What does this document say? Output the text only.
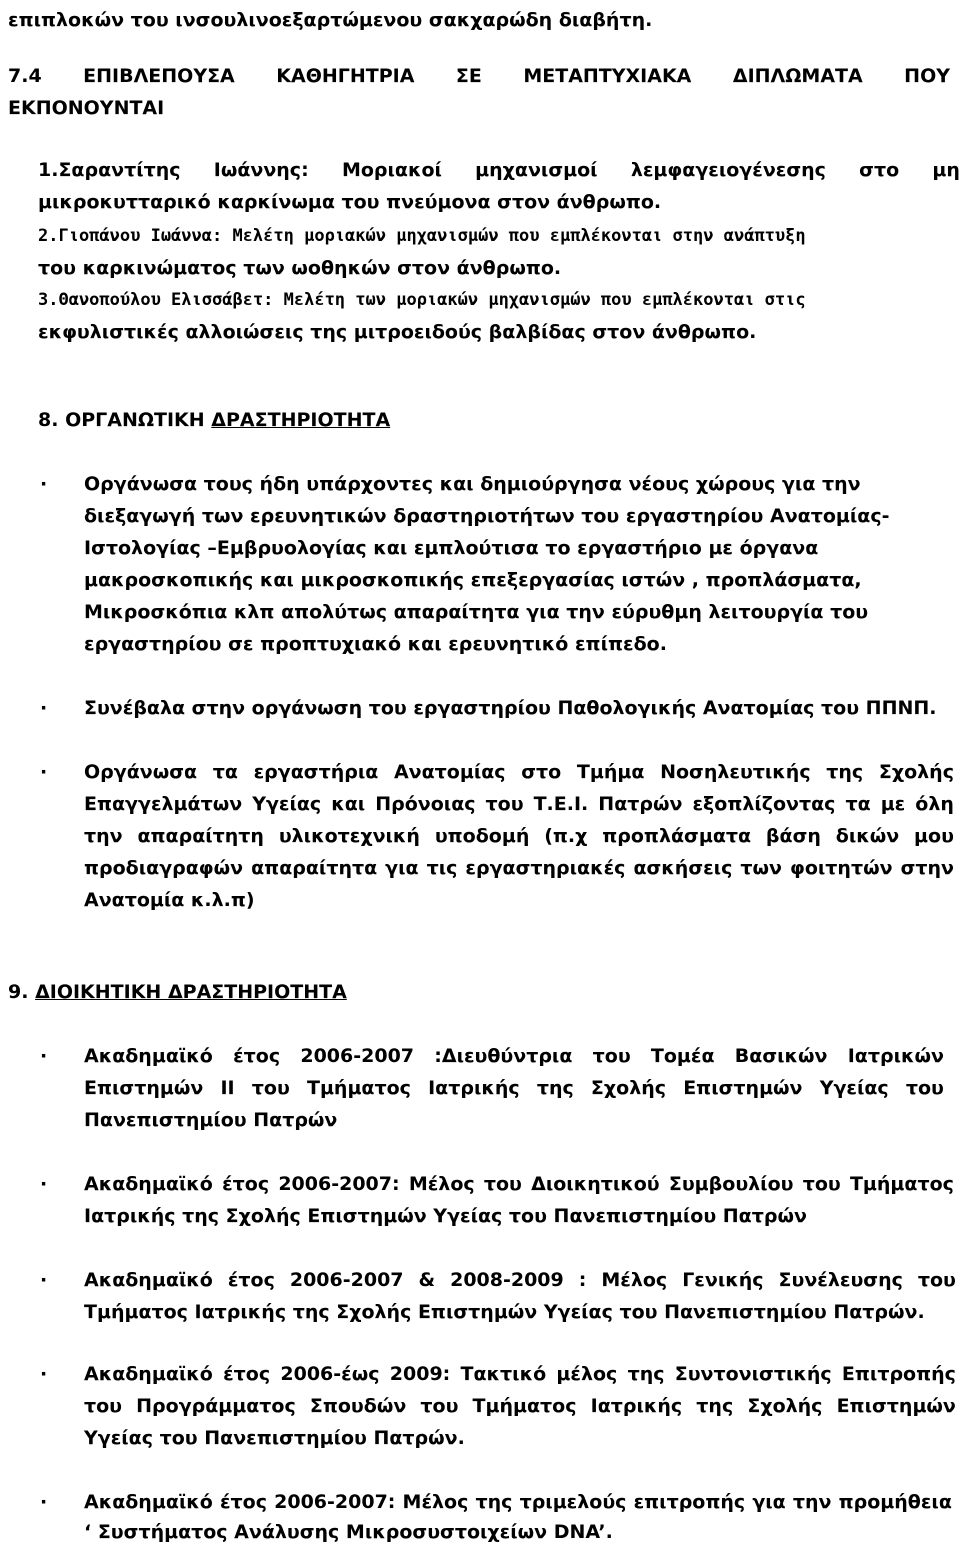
επιπλοκών του ινσουλινοεξαρτώμενου σακχαρώδη διαβήτη.
7.4 ΕΠΙΒΛΕΠΟΥΣΑ ΚΑΘΗΓΗΤΡΙΑ ΣΕ ΜΕΤΑΠΤΥΧΙΑΚΑ ΔΙΠΛΩΜΑΤΑ ΠΟΥ
ΕΚΠΟΝΟΥΝΤΑΙ
1.Σαραντίτης Ιωάννης: Μοριακοί μηχανισμοί λεμφαγειογένεσης στο μη
μικροκυτταρικό καρκίνωμα του πνεύμονα στον άνθρωπο.
2.Γιοπάνου Ιωάννα: Μελέτη μοριακών μηχανισμών που εμπλέκονται στην ανάπτυξη
του καρκινώματος των ωοθηκών στον άνθρωπο.
3.Θανοπούλου Ελισσάβετ: Μελέτη των μοριακών μηχανισμών που εμπλέκονται στις
εκφυλιστικές αλλοιώσεις της μιτροειδούς βαλβίδας στον άνθρωπο.
8. ΟΡΓΑΝΩΤΙΚΗ ΔΡΑΣΤΗΡΙΟΤΗΤΑ
· Οργάνωσα τους ήδη υπάρχοντες και δημιούργησα νέους χώρους για την
διεξαγωγή των ερευνητικών δραστηριοτήτων του εργαστηρίου Ανατομίας-
Ιστολογίας –Εμβρυολογίας και εμπλούτισα το εργαστήριο με όργανα
μακροσκοπικής και μικροσκοπικής επεξεργασίας ιστών , προπλάσματα,
Μικροσκόπια κλπ απολύτως απαραίτητα για την εύρυθμη λειτουργία του
εργαστηρίου σε προπτυχιακό και ερευνητικό επίπεδο.
· Συνέβαλα στην οργάνωση του εργαστηρίου Παθολογικής Ανατομίας του ΠΠΝΠ.
· Οργάνωσα τα εργαστήρια Ανατομίας στο Τμήμα Νοσηλευτικής της Σχολής
Επαγγελμάτων Υγείας και Πρόνοιας του Τ.Ε.Ι. Πατρών εξοπλίζοντας τα με όλη
την απαραίτητη υλικοτεχνική υποδομή (π.χ προπλάσματα βάση δικών μου
προδιαγραφών απαραίτητα για τις εργαστηριακές ασκήσεις των φοιτητών στην
Ανατομία κ.λ.π)
9. ΔΙΟΙΚΗΤΙΚΗ ΔΡΑΣΤΗΡΙΟΤΗΤΑ
· Ακαδημαϊκό έτος 2006-2007 :Διευθύντρια του Τομέα Βασικών Ιατρικών
Επιστημών ΙΙ του Τμήματος Ιατρικής της Σχολής Επιστημών Υγείας του
Πανεπιστημίου Πατρών
· Ακαδημαϊκό έτος 2006-2007: Μέλος του Διοικητικού Συμβουλίου του Τμήματος
Ιατρικής της Σχολής Επιστημών Υγείας του Πανεπιστημίου Πατρών
· Ακαδημαϊκό έτος 2006-2007 & 2008-2009 : Μέλος Γενικής Συνέλευσης του
Τμήματος Ιατρικής της Σχολής Επιστημών Υγείας του Πανεπιστημίου Πατρών.
· Ακαδημαϊκό έτος 2006-έως 2009: Τακτικό μέλος της Συντονιστικής Επιτροπής
του Προγράμματος Σπουδών του Τμήματος Ιατρικής της Σχολής Επιστημών
Υγείας του Πανεπιστημίου Πατρών.
· Ακαδημαϊκό έτος 2006-2007: Μέλος της τριμελούς επιτροπής για την προμήθεια
‘ Συστήματος Ανάλυσης Μικροσυστοιχείων DNA’.
